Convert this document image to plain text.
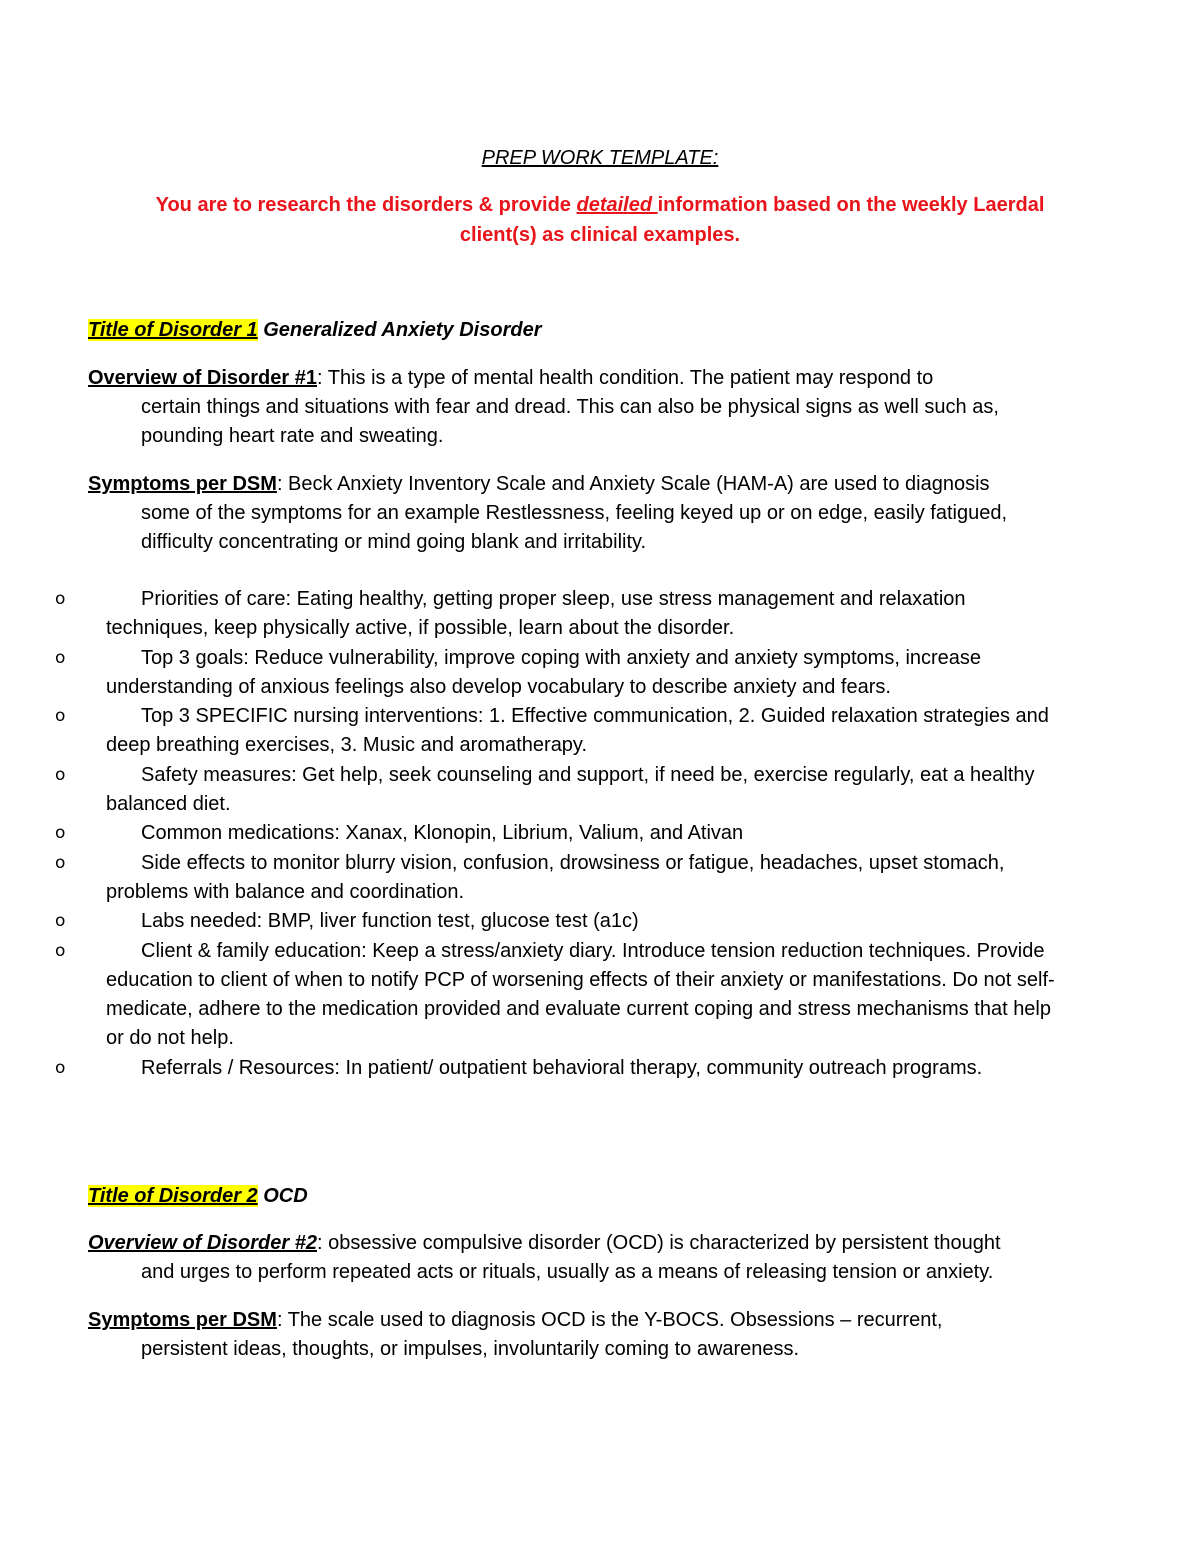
PREP WORK TEMPLATE:
You are to research the disorders & provide detailed information based on the weekly Laerdal client(s) as clinical examples.
Title of Disorder 1 Generalized Anxiety Disorder
Overview of Disorder #1: This is a type of mental health condition. The patient may respond to
certain things and situations with fear and dread. This can also be physical signs as well such as, pounding heart rate and sweating.
Symptoms per DSM: Beck Anxiety Inventory Scale and Anxiety Scale (HAM-A) are used to diagnosis
some of the symptoms for an example Restlessness, feeling keyed up or on edge, easily fatigued, difficulty concentrating or mind going blank and irritability.
o	Priorities of care: Eating healthy, getting proper sleep, use stress management and relaxation techniques, keep physically active, if possible, learn about the disorder.
o	Top 3 goals: Reduce vulnerability, improve coping with anxiety and anxiety symptoms, increase understanding of anxious feelings also develop vocabulary to describe anxiety and fears.
o	Top 3 SPECIFIC nursing interventions: 1. Effective communication, 2. Guided relaxation strategies and deep breathing exercises, 3. Music and aromatherapy.
o	Safety measures: Get help, seek counseling and support, if need be, exercise regularly, eat a healthy balanced diet.
o	Common medications: Xanax, Klonopin, Librium, Valium, and Ativan
o	Side effects to monitor blurry vision, confusion, drowsiness or fatigue, headaches, upset stomach, problems with balance and coordination.
o	Labs needed: BMP, liver function test, glucose test (a1c)
o	Client & family education: Keep a stress/anxiety diary. Introduce tension reduction techniques. Provide education to client of when to notify PCP of worsening effects of their anxiety or manifestations. Do not self- medicate, adhere to the medication provided and evaluate current coping and stress mechanisms that help or do not help.
o	Referrals / Resources: In patient/ outpatient behavioral therapy, community outreach programs.
Title of Disorder 2 OCD
Overview of Disorder #2: obsessive compulsive disorder (OCD) is characterized by persistent thought
and urges to perform repeated acts or rituals, usually as a means of releasing tension or anxiety.
Symptoms per DSM: The scale used to diagnosis OCD is the Y-BOCS. Obsessions – recurrent,
persistent ideas, thoughts, or impulses, involuntarily coming to awareness.
